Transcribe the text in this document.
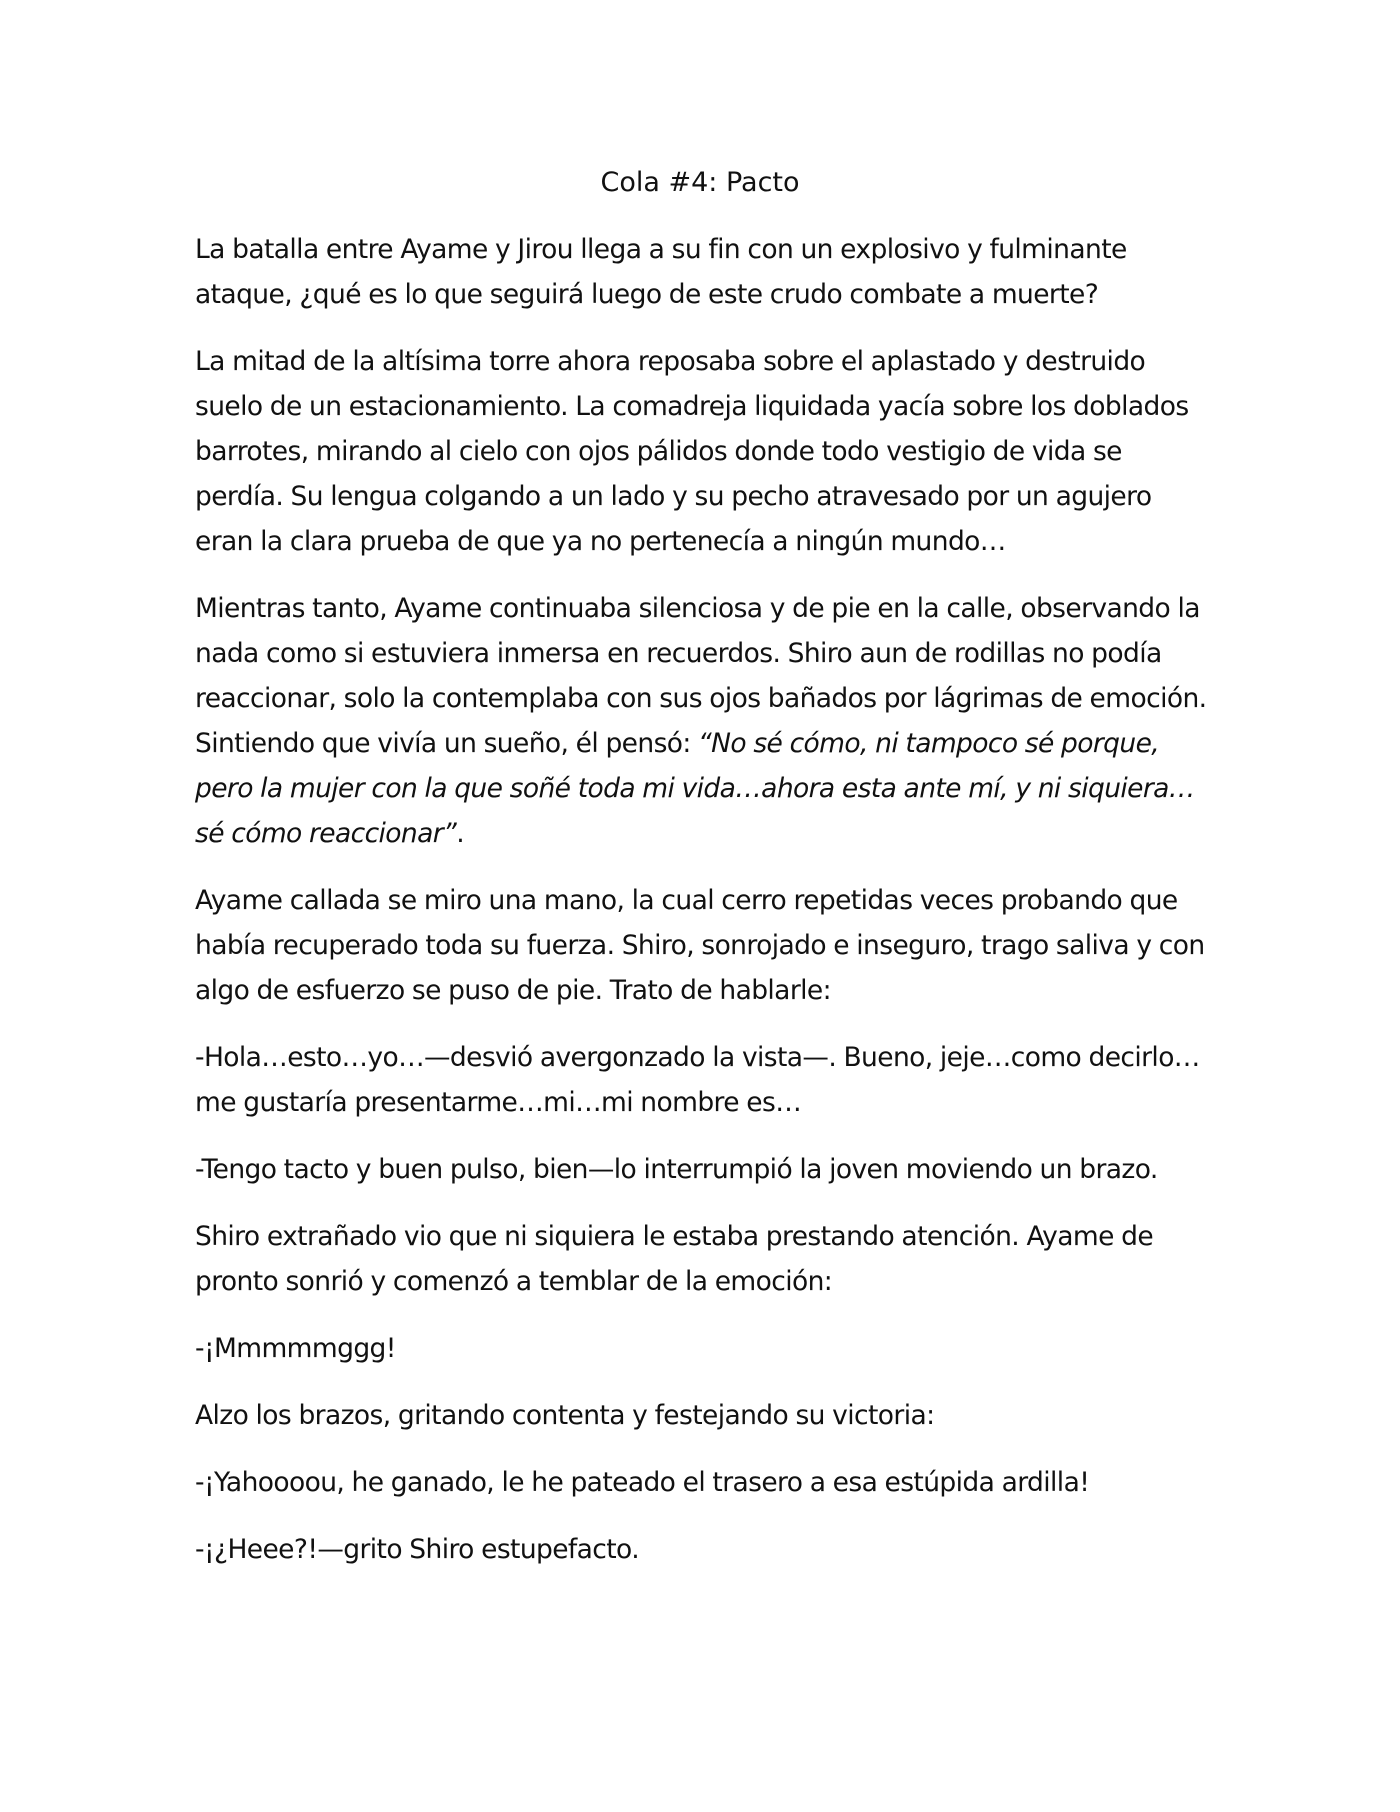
Cola #4: Pacto

La batalla entre Ayame y Jirou llega a su fin con un explosivo y fulminante ataque, ¿qué es lo que seguirá luego de este crudo combate a muerte?

La mitad de la altísima torre ahora reposaba sobre el aplastado y destruido suelo de un estacionamiento. La comadreja liquidada yacía sobre los doblados barrotes, mirando al cielo con ojos pálidos donde todo vestigio de vida se perdía. Su lengua colgando a un lado y su pecho atravesado por un agujero eran la clara prueba de que ya no pertenecía a ningún mundo…

Mientras tanto, Ayame continuaba silenciosa y de pie en la calle, observando la nada como si estuviera inmersa en recuerdos. Shiro aun de rodillas no podía reaccionar, solo la contemplaba con sus ojos bañados por lágrimas de emoción. Sintiendo que vivía un sueño, él pensó: “No sé cómo, ni tampoco sé porque, pero la mujer con la que soñé toda mi vida…ahora esta ante mí, y ni siquiera…sé cómo reaccionar”.

Ayame callada se miro una mano, la cual cerro repetidas veces probando que había recuperado toda su fuerza. Shiro, sonrojado e inseguro, trago saliva y con algo de esfuerzo se puso de pie. Trato de hablarle:

-Hola…esto…yo…—desvió avergonzado la vista—. Bueno, jeje…como decirlo…me gustaría presentarme…mi…mi nombre es…

-Tengo tacto y buen pulso, bien—lo interrumpió la joven moviendo un brazo.

Shiro extrañado vio que ni siquiera le estaba prestando atención. Ayame de pronto sonrió y comenzó a temblar de la emoción:

-¡Mmmmmggg!

Alzo los brazos, gritando contenta y festejando su victoria:

-¡Yahoooou, he ganado, le he pateado el trasero a esa estúpida ardilla!

-¡¿Heee?!—grito Shiro estupefacto.
